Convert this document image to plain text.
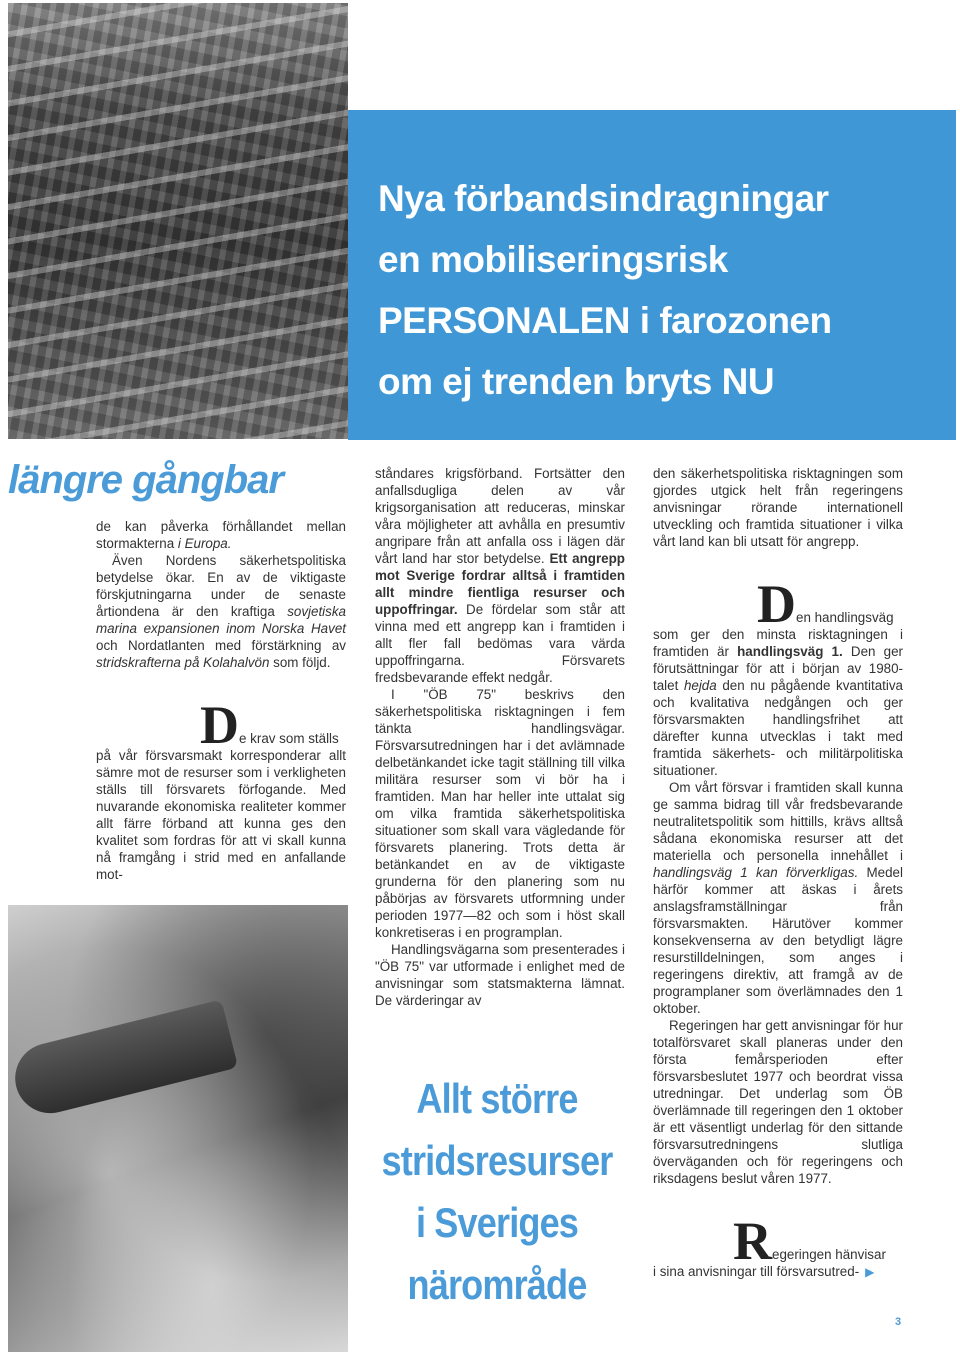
Nya förbandsindragningar
en mobiliseringsrisk
PERSONALEN i farozonen
om ej trenden bryts NU
längre gångbar

de kan påverka förhållandet mellan stormakterna i Europa.

Även Nordens säkerhetspolitiska betydelse ökar. En av de viktigaste förskjutningarna under de senaste årtiondena är den kraftiga sovjetiska marina expansionen inom Norska Havet och Nordatlanten med förstärkning av stridskrafterna på Kolahalvön som följd.

De krav som ställs
på vår försvarsmakt korresponderar allt sämre mot de resurser som i verkligheten ställs till försvarets förfogande. Med nuvarande ekonomiska realiteter kommer allt färre förband att kunna ges den kvalitet som fordras för att vi skall kunna nå framgång i strid med en anfallande mot-

ståndares krigsförband. Fortsätter den anfallsdugliga delen av vår krigsorganisation att reduceras, minskar våra möjligheter att avhålla en presumtiv angripare från att anfalla oss i lägen där vårt land har stor betydelse. Ett angrepp mot Sverige fordrar alltså i framtiden allt mindre fientliga resurser och uppoffringar. De fördelar som står att vinna med ett angrepp kan i framtiden i allt fler fall bedömas vara värda uppoffringarna. Försvarets fredsbevarande effekt nedgår.

I "ÖB 75" beskrivs den säkerhetspolitiska risktagningen i fem tänkta handlingsvägar. Försvarsutredningen har i det avlämnade delbetänkandet icke tagit ställning till vilka militära resurser som vi bör ha i framtiden. Man har heller inte uttalat sig om vilka framtida säkerhetspolitiska situationer som skall vara vägledande för försvarets planering. Trots detta är betänkandet en av de viktigaste grunderna för den planering som nu påbörjas av försvarets utformning under perioden 1977—82 och som i höst skall konkretiseras i en programplan.

Handlingsvägarna som presenterades i "ÖB 75" var utformade i enlighet med de anvisningar som statsmakterna lämnat. De värderingar av

Allt större
stridsresurser
i Sveriges
närområde

den säkerhetspolitiska risktagningen som gjordes utgick helt från regeringens anvisningar rörande internationell utveckling och framtida situationer i vilka vårt land kan bli utsatt för angrepp.

Den handlingsväg
som ger den minsta risktagningen i framtiden är handlingsväg 1. Den ger förutsättningar för att i början av 1980-talet hejda den nu pågående kvantitativa och kvalitativa nedgången och ger försvarsmakten handlingsfrihet att därefter kunna utvecklas i takt med framtida säkerhets- och militärpolitiska situationer.

Om vårt försvar i framtiden skall kunna ge samma bidrag till vår fredsbevarande neutralitetspolitik som hittills, krävs alltså sådana ekonomiska resurser att det materiella och personella innehållet i handlingsväg 1 kan förverkligas. Medel härför kommer att äskas i årets anslagsframställningar från försvarsmakten. Härutöver kommer konsekvenserna av den betydligt lägre resurstilldelningen, som anges i regeringens direktiv, att framgå av de programplaner som överlämnades den 1 oktober.

Regeringen har gett anvisningar för hur totalförsvaret skall planeras under den första femårsperioden efter försvarsbeslutet 1977 och beordrat vissa utredningar. Det underlag som ÖB överlämnade till regeringen den 1 oktober är ett väsentligt underlag för den sittande försvarsutredningens slutliga överväganden och för regeringens och riksdagens beslut våren 1977.

Regeringen hänvisar
i sina anvisningar till försvarsutred- ▶

3
